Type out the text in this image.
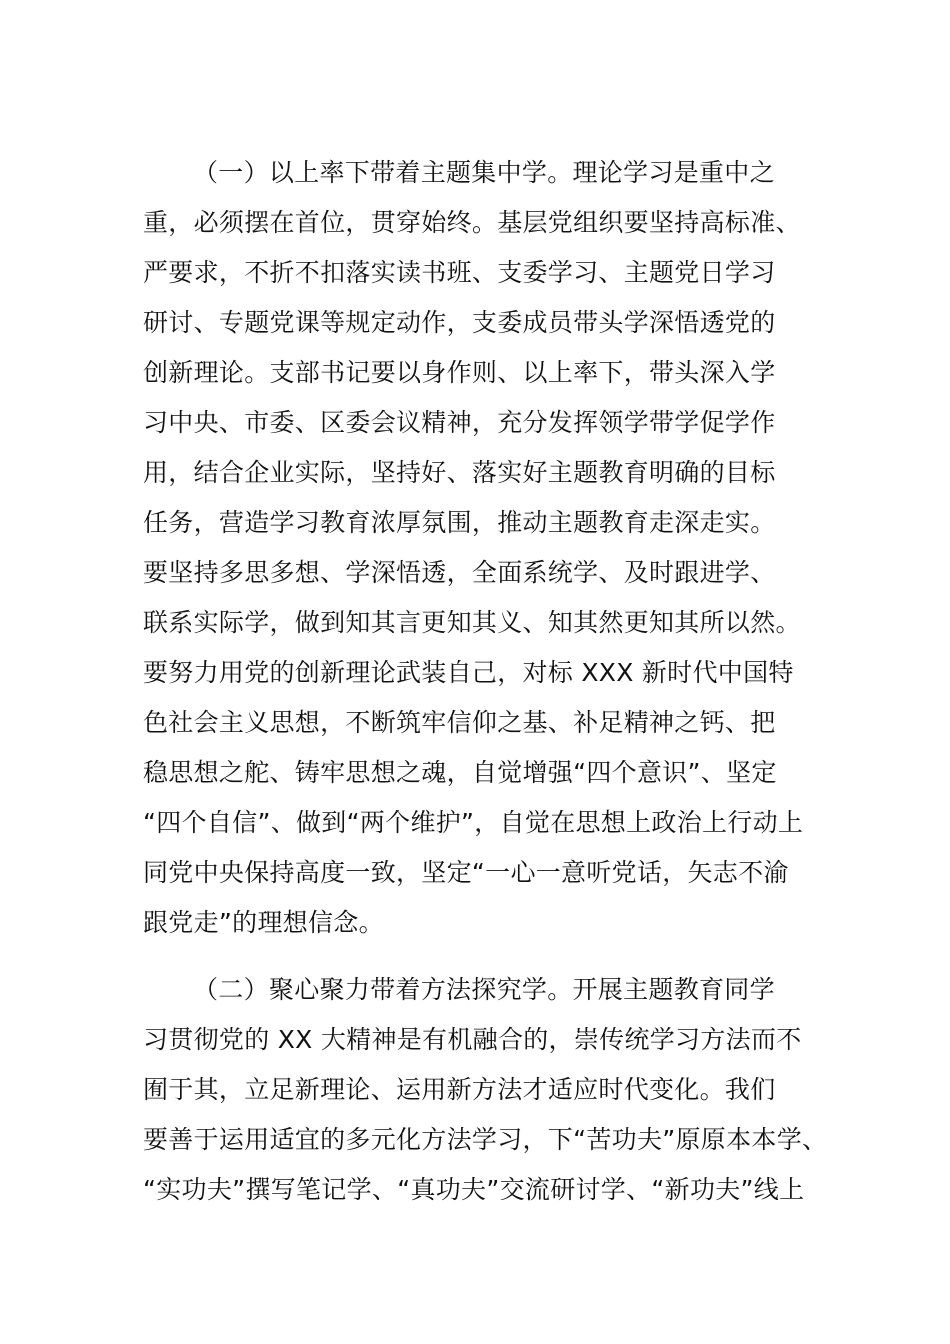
（一）以上率下带着主题集中学。理论学习是重中之
重，必须摆在首位，贯穿始终。基层党组织要坚持高标准、
严要求，不折不扣落实读书班、支委学习、主题党日学习
研讨、专题党课等规定动作，支委成员带头学深悟透党的
创新理论。支部书记要以身作则、以上率下，带头深入学
习中央、市委、区委会议精神，充分发挥领学带学促学作
用，结合企业实际，坚持好、落实好主题教育明确的目标
任务，营造学习教育浓厚氛围，推动主题教育走深走实。
要坚持多思多想、学深悟透，全面系统学、及时跟进学、
联系实际学，做到知其言更知其义、知其然更知其所以然。
要努力用党的创新理论武装自己，对标 XXX 新时代中国特
色社会主义思想，不断筑牢信仰之基、补足精神之钙、把
稳思想之舵、铸牢思想之魂，自觉增强“四个意识”、坚定
“四个自信”、做到“两个维护”，自觉在思想上政治上行动上
同党中央保持高度一致，坚定“一心一意听党话，矢志不渝
跟党走”的理想信念。
（二）聚心聚力带着方法探究学。开展主题教育同学
习贯彻党的 XX 大精神是有机融合的，崇传统学习方法而不
囿于其，立足新理论、运用新方法才适应时代变化。我们
要善于运用适宜的多元化方法学习，下“苦功夫”原原本本学、
“实功夫”撰写笔记学、“真功夫”交流研讨学、“新功夫”线上
